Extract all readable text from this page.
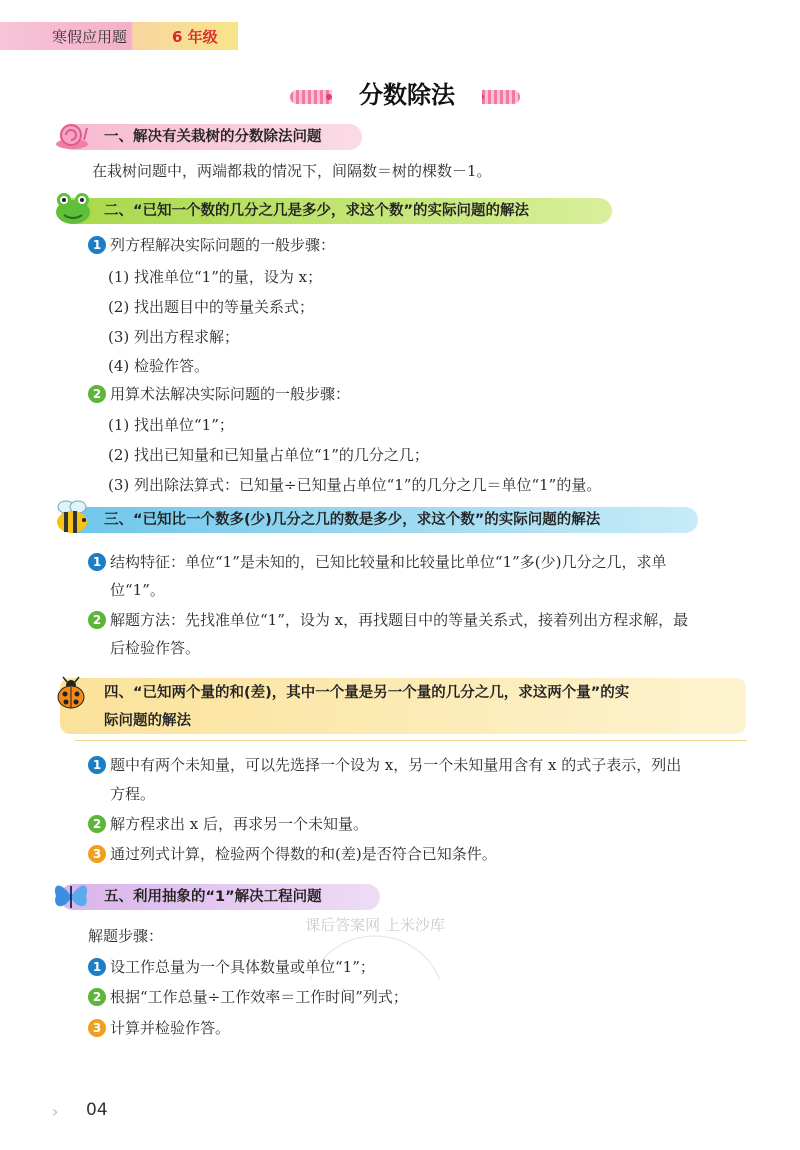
寒假应用题	6 年级
分数除法
一、解决有关栽树的分数除法问题
在栽树问题中，两端都栽的情况下，间隔数＝树的棵数－1。
二、“已知一个数的几分之几是多少，求这个数”的实际问题的解法
1 列方程解决实际问题的一般步骤：
(1) 找准单位“1”的量，设为 x；
(2) 找出题目中的等量关系式；
(3) 列出方程求解；
(4) 检验作答。
2 用算术法解决实际问题的一般步骤：
(1) 找出单位“1”；
(2) 找出已知量和已知量占单位“1”的几分之几；
(3) 列出除法算式：已知量÷已知量占单位“1”的几分之几＝单位“1”的量。
三、“已知比一个数多(少)几分之几的数是多少，求这个数”的实际问题的解法
1 结构特征：单位“1”是未知的，已知比较量和比较量比单位“1”多(少)几分之几，求单
位“1”。
2 解题方法：先找准单位“1”，设为 x，再找题目中的等量关系式，接着列出方程求解，最
后检验作答。
四、“已知两个量的和(差)，其中一个量是另一个量的几分之几，求这两个量”的实
际问题的解法
1 题中有两个未知量，可以先选择一个设为 x，另一个未知量用含有 x 的式子表示，列出
方程。
2 解方程求出 x 后，再求另一个未知量。
3 通过列式计算，检验两个得数的和(差)是否符合已知条件。
五、利用抽象的“1”解决工程问题
解题步骤：
1 设工作总量为一个具体数量或单位“1”；
2 根据“工作总量÷工作效率＝工作时间”列式；
3 计算并检验作答。
课后答案网 上米沙库
› 04
